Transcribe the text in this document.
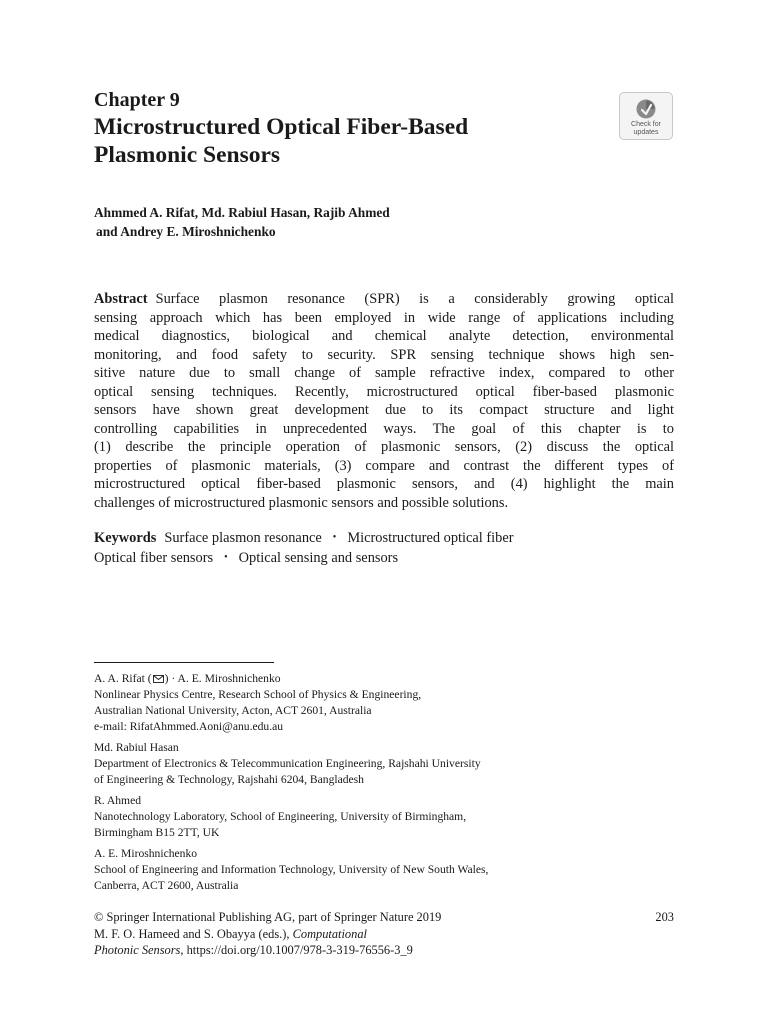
Chapter 9
Microstructured Optical Fiber-Based
Plasmonic Sensors
Check for
updates
Ahmmed A. Rifat, Md. Rabiul Hasan, Rajib Ahmed
and Andrey E. Miroshnichenko
Abstract Surface plasmon resonance (SPR) is a considerably growing optical
sensing approach which has been employed in wide range of applications including
medical diagnostics, biological and chemical analyte detection, environmental
monitoring, and food safety to security. SPR sensing technique shows high sen-
sitive nature due to small change of sample refractive index, compared to other
optical sensing techniques. Recently, microstructured optical fiber-based plasmonic
sensors have shown great development due to its compact structure and light
controlling capabilities in unprecedented ways. The goal of this chapter is to
(1) describe the principle operation of plasmonic sensors, (2) discuss the optical
properties of plasmonic materials, (3) compare and contrast the different types of
microstructured optical fiber-based plasmonic sensors, and (4) highlight the main
challenges of microstructured plasmonic sensors and possible solutions.
Keywords Surface plasmon resonance • Microstructured optical fiber
Optical fiber sensors • Optical sensing and sensors
A. A. Rifat ( ) · A. E. Miroshnichenko
Nonlinear Physics Centre, Research School of Physics & Engineering,
Australian National University, Acton, ACT 2601, Australia
e-mail: RifatAhmmed.Aoni@anu.edu.au
Md. Rabiul Hasan
Department of Electronics & Telecommunication Engineering, Rajshahi University
of Engineering & Technology, Rajshahi 6204, Bangladesh
R. Ahmed
Nanotechnology Laboratory, School of Engineering, University of Birmingham,
Birmingham B15 2TT, UK
A. E. Miroshnichenko
School of Engineering and Information Technology, University of New South Wales,
Canberra, ACT 2600, Australia
© Springer International Publishing AG, part of Springer Nature 2019
M. F. O. Hameed and S. Obayya (eds.), Computational
Photonic Sensors, https://doi.org/10.1007/978-3-319-76556-3_9
203
